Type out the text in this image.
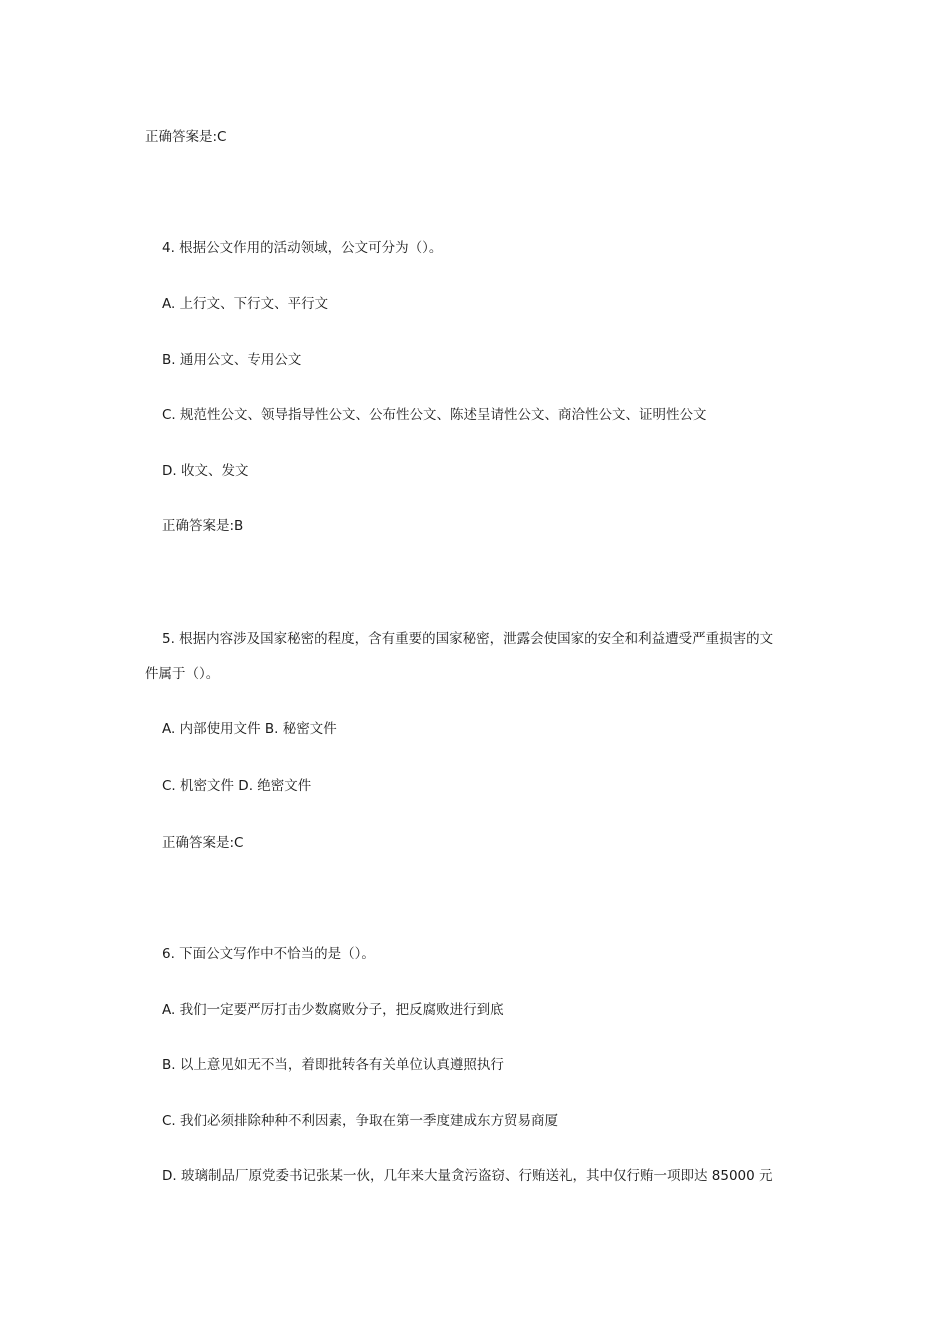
正确答案是:C
4. 根据公文作用的活动领域，公文可分为（）。
A. 上行文、下行文、平行文
B. 通用公文、专用公文
C. 规范性公文、领导指导性公文、公布性公文、陈述呈请性公文、商洽性公文、证明性公文
D. 收文、发文
正确答案是:B
5. 根据内容涉及国家秘密的程度，含有重要的国家秘密，泄露会使国家的安全和利益遭受严重损害的文
件属于（）。
A. 内部使用文件 B. 秘密文件
C. 机密文件 D. 绝密文件
正确答案是:C
6. 下面公文写作中不恰当的是（）。
A. 我们一定要严厉打击少数腐败分子，把反腐败进行到底
B. 以上意见如无不当，着即批转各有关单位认真遵照执行
C. 我们必须排除种种不利因素，争取在第一季度建成东方贸易商厦
D. 玻璃制品厂原党委书记张某一伙，几年来大量贪污盗窃、行贿送礼，其中仅行贿一项即达 85000 元
